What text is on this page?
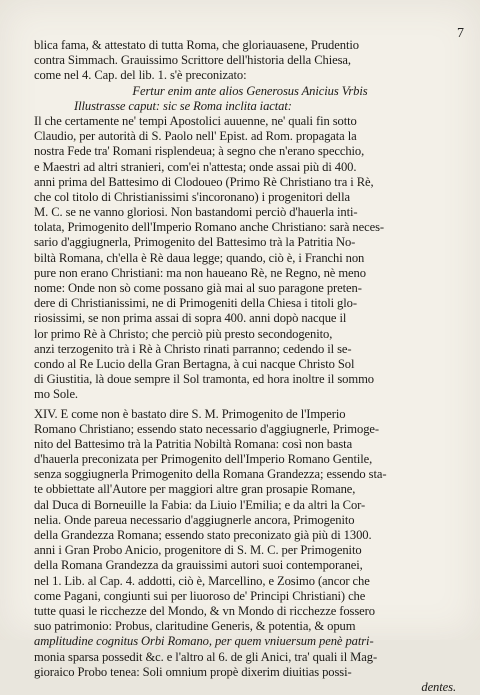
7
blica fama, & attestato di tutta Roma, che gloriauasene, Prudentio
contra Simmach. Grauissimo Scrittore dell'historia della Chiesa,
come nel 4. Cap. del lib. 1. s'è preconizato:
Fertur enim ante alios Generosus Anicius Vrbis
Illustrasse caput: sic se Roma inclita iactat:
Il che certamente ne' tempi Apostolici auuenne, ne' quali fin sotto
Claudio, per autorità di S. Paolo nell' Epist. ad Rom. propagata la
nostra Fede tra' Romani risplendeua; à segno che n'erano specchio,
e Maestri ad altri stranieri, com'ei n'attesta; onde assai più di 400.
anni prima del Battesimo di Clodoueo (Primo Rè Christiano tra i Rè,
che col titolo di Christianissimi s'incoronano) i progenitori della
M. C. se ne vanno gloriosi. Non bastandomi perciò d'hauerla inti-
tolata, Primogenito dell'Imperio Romano anche Christiano: sarà neces-
sario d'aggiugnerla, Primogenito del Battesimo trà la Patritia No-
biltà Romana, ch'ella è Rè daua legge; quando, ciò è, i Franchi non
pure non erano Christiani: ma non haueano Rè, ne Regno, nè meno
nome: Onde non sò come possano già mai al suo paragone preten-
dere di Christianissimi, ne di Primogeniti della Chiesa i titoli glo-
riosissimi, se non prima assai di sopra 400. anni dopò nacque il
lor primo Rè à Christo; che perciò più presto secondogenito,
anzi terzogenito trà i Rè à Christo rinati parranno; cedendo il se-
condo al Re Lucio della Gran Bertagna, à cui nacque Christo Sol
di Giustitia, là doue sempre il Sol tramonta, ed hora inoltre il sommo
mo Sole.
XIV. E come non è bastato dire S. M. Primogenito de l'Imperio
Romano Christiano; essendo stato necessario d'aggiugnerle, Primoge-
nito del Battesimo trà la Patritia Nobiltà Romana: così non basta
d'hauerla preconizata per Primogenito dell'Imperio Romano Gentile,
senza soggiugnerla Primogenito della Romana Grandezza; essendo sta-
te obbiettate all'Autore per maggiori altre gran prosapie Romane,
dal Duca di Borneuille la Fabia: da Liuio l'Emilia; e da altri la Cor-
nelia. Onde pareua necessario d'aggiugnerle ancora, Primogenito
della Grandezza Romana; essendo stato preconizato già più di 1300.
anni i Gran Probo Anicio, progenitore di S. M. C. per Primogenito
della Romana Grandezza da grauissimi autori suoi contemporanei,
nel 1. Lib. al Cap. 4. addotti, ciò è, Marcellino, e Zosimo (ancor che
come Pagani, congiunti sui per liuoroso de' Principi Christiani) che
tutte quasi le ricchezze del Mondo, & vn Mondo di ricchezze fossero
suo patrimonio: Probus, claritudine Generis, & potentia, & opum
amplitudine cognitus Orbi Romano, per quem vniuersum penè patri-
monia sparsa possedit &c. e l'altro al 6. de gli Anici, tra' quali il Mag-
gioraico Probo tenea: Soli omnium propè dixerim diuitias possi-
dentes.
